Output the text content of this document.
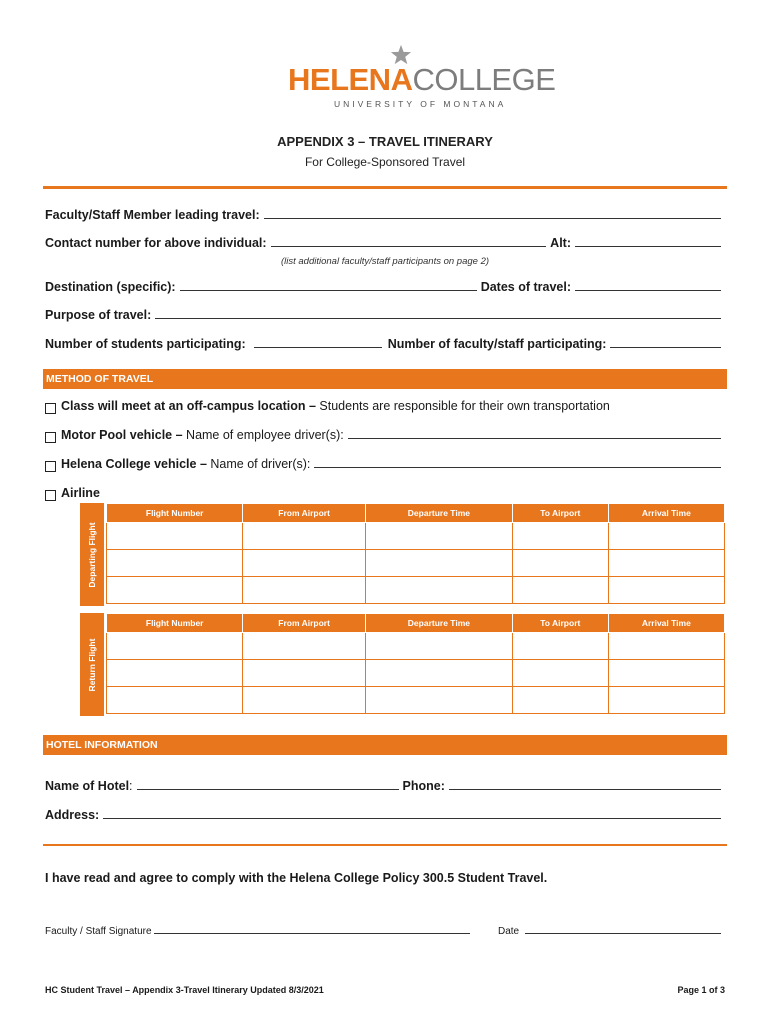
HELENACOLLEGE
UNIVERSITY OF MONTANA
APPENDIX 3 – TRAVEL ITINERARY
For College-Sponsored Travel
Faculty/Staff Member leading travel:
Contact number for above individual:	Alt:
(list additional faculty/staff participants on page 2)
Destination (specific):	Dates of travel:
Purpose of travel:
Number of students participating:	Number of faculty/staff participating:
METHOD OF TRAVEL
Class will meet at an off-campus location – Students are responsible for their own transportation
Motor Pool vehicle – Name of employee driver(s):
Helena College vehicle – Name of driver(s):
Airline
Departing Flight
Flight Number	From Airport	Departure Time	To Airport	Arrival Time

Return Flight
Flight Number	From Airport	Departure Time	To Airport	Arrival Time

HOTEL INFORMATION
Name of Hotel :	Phone:
Address:
I have read and agree to comply with the Helena College Policy 300.5 Student Travel.
Faculty / Staff Signature	Date
HC Student Travel – Appendix 3-Travel Itinerary Updated 8/3/2021	Page 1 of 3
